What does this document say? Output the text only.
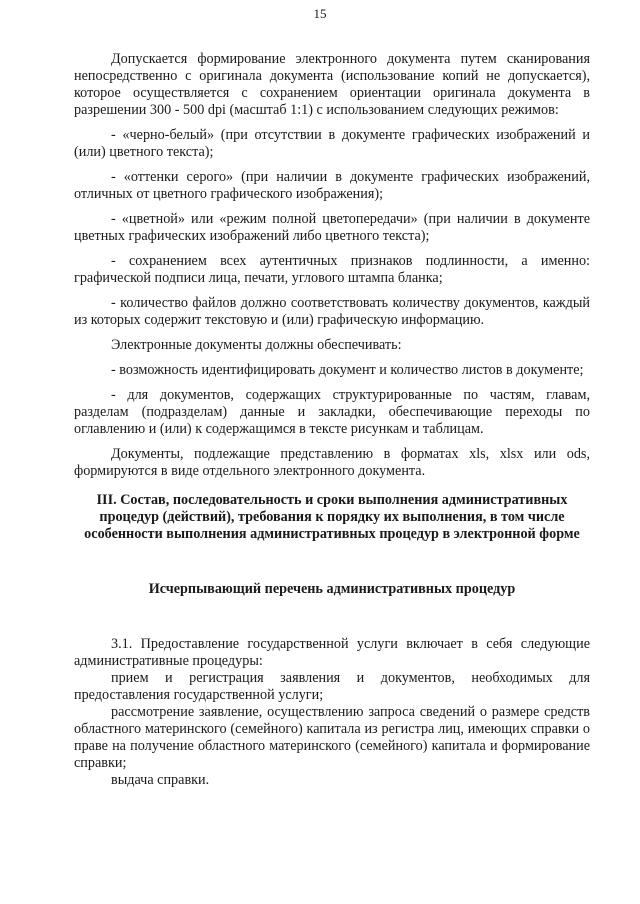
15

Допускается формирование электронного документа путем сканирования непосредственно с оригинала документа (использование копий не допускается), которое осуществляется с сохранением ориентации оригинала документа в разрешении 300 - 500 dpi (масштаб 1:1) с использованием следующих режимов:

- «черно-белый» (при отсутствии в документе графических изображений и (или) цветного текста);

- «оттенки серого» (при наличии в документе графических изображений, отличных от цветного графического изображения);

- «цветной» или «режим полной цветопередачи» (при наличии в документе цветных графических изображений либо цветного текста);

- сохранением всех аутентичных признаков подлинности, а именно: графической подписи лица, печати, углового штампа бланка;

- количество файлов должно соответствовать количеству документов, каждый из которых содержит текстовую и (или) графическую информацию.

Электронные документы должны обеспечивать:

- возможность идентифицировать документ и количество листов в документе;

- для документов, содержащих структурированные по частям, главам, разделам (подразделам) данные и закладки, обеспечивающие переходы по оглавлению и (или) к содержащимся в тексте рисункам и таблицам.

Документы, подлежащие представлению в форматах xls, xlsx или ods, формируются в виде отдельного электронного документа.

III. Состав, последовательность и сроки выполнения административных процедур (действий), требования к порядку их выполнения, в том числе особенности выполнения административных процедур в электронной форме

Исчерпывающий перечень административных процедур

3.1. Предоставление государственной услуги включает в себя следующие административные процедуры:

прием и регистрация заявления и документов, необходимых для предоставления государственной услуги;

рассмотрение заявление, осуществлению запроса сведений о размере средств областного материнского (семейного) капитала из регистра лиц, имеющих справки о праве на получение областного материнского (семейного) капитала и формирование справки;

выдача справки.
